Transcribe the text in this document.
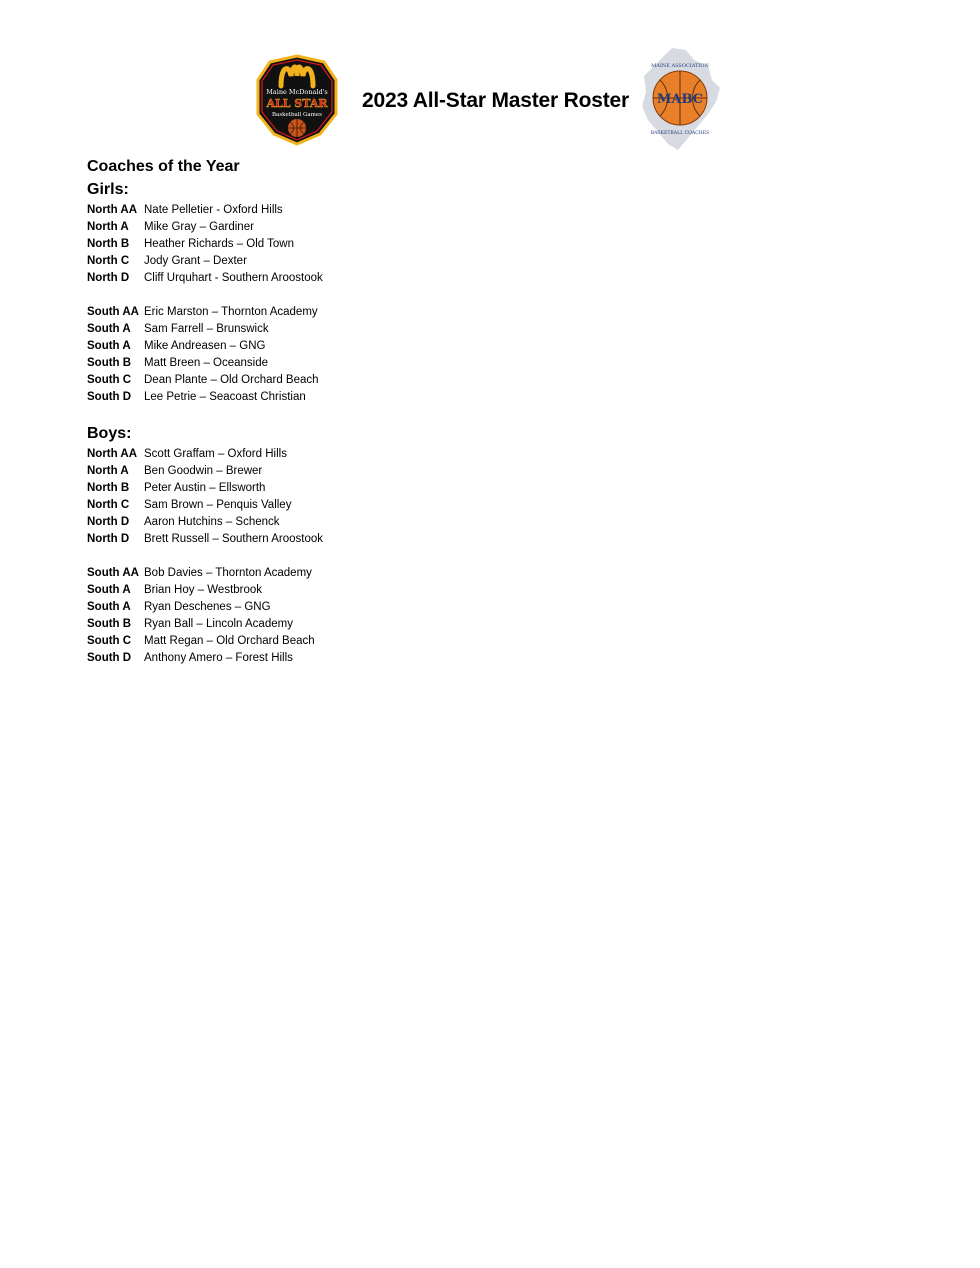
Maine McDonald's
ALL STAR
Basketball Games
2023 All-Star Master Roster MABC
MAINE ASSOCIATION
BASKETBALL COACHES
Coaches of the Year
Girls:
North AA Nate Pelletier - Oxford Hills
North A	Mike Gray – Gardiner
North B	Heather Richards – Old Town
North C	Jody Grant – Dexter
North D	Cliff Urquhart - Southern Aroostook
South AA Eric Marston – Thornton Academy
South A	Sam Farrell – Brunswick
South A	Mike Andreasen – GNG
South B	Matt Breen – Oceanside
South C	Dean Plante – Old Orchard Beach
South D	Lee Petrie – Seacoast Christian
Boys:
North AA Scott Graffam – Oxford Hills
North A	Ben Goodwin – Brewer
North B	Peter Austin – Ellsworth
North C	Sam Brown – Penquis Valley
North D	Aaron Hutchins – Schenck
North D	Brett Russell – Southern Aroostook
South AA Bob Davies – Thornton Academy
South A	Brian Hoy – Westbrook
South A	Ryan Deschenes – GNG
South B	Ryan Ball – Lincoln Academy
South C	Matt Regan – Old Orchard Beach
South D	Anthony Amero – Forest Hills
